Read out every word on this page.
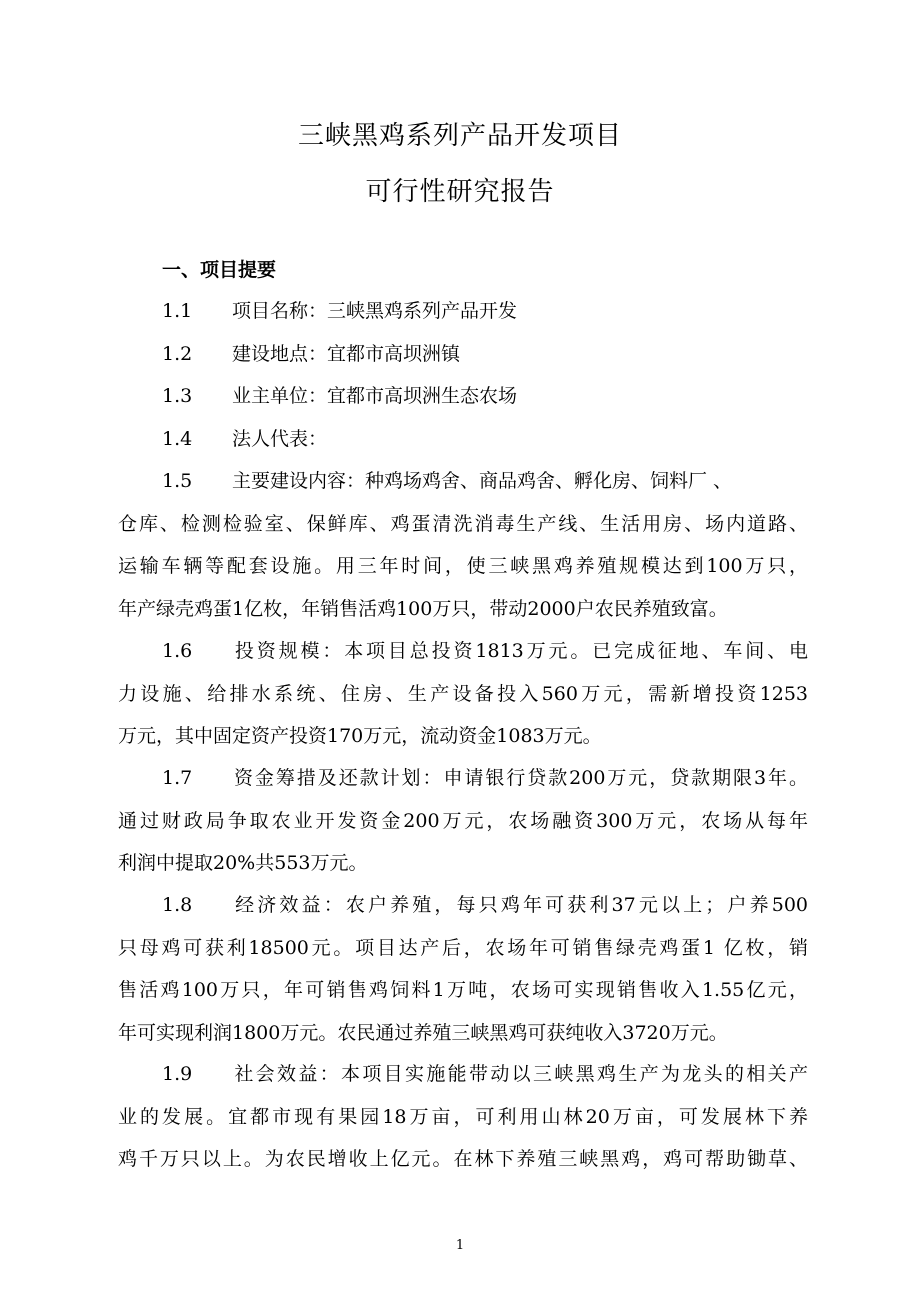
三峡黑鸡系列产品开发项目
可行性研究报告
一、项目提要
1.1 项目名称：三峡黑鸡系列产品开发
1.2 建设地点：宜都市高坝洲镇
1.3 业主单位：宜都市高坝洲生态农场
1.4 法人代表：
1.5 主要建设内容：种鸡场鸡舍、商品鸡舍、孵化房、饲料厂 、
仓库、检测检验室、保鲜库、鸡蛋清洗消毒生产线、生活用房、场内道路、
运输车辆等配套设施。用三年时间，使三峡黑鸡养殖规模达到100万只，
年产绿壳鸡蛋1亿枚，年销售活鸡100万只，带动2000户农民养殖致富。
1.6 投资规模：本项目总投资1813万元。已完成征地、车间、电
力设施、给排水系统、住房、生产设备投入560万元，需新增投资1253
万元，其中固定资产投资170万元，流动资金1083万元。
1.7 资金筹措及还款计划：申请银行贷款200万元，贷款期限3年。
通过财政局争取农业开发资金200万元，农场融资300万元，农场从每年
利润中提取20%共553万元。
1.8 经济效益：农户养殖，每只鸡年可获利37元以上；户养500
只母鸡可获利18500元。项目达产后，农场年可销售绿壳鸡蛋1 亿枚，销
售活鸡100万只，年可销售鸡饲料1万吨，农场可实现销售收入1.55亿元，
年可实现利润1800万元。农民通过养殖三峡黑鸡可获纯收入3720万元。
1.9 社会效益：本项目实施能带动以三峡黑鸡生产为龙头的相关产
业的发展。宜都市现有果园18万亩，可利用山林20万亩，可发展林下养
鸡千万只以上。为农民增收上亿元。在林下养殖三峡黑鸡，鸡可帮助锄草、
1
